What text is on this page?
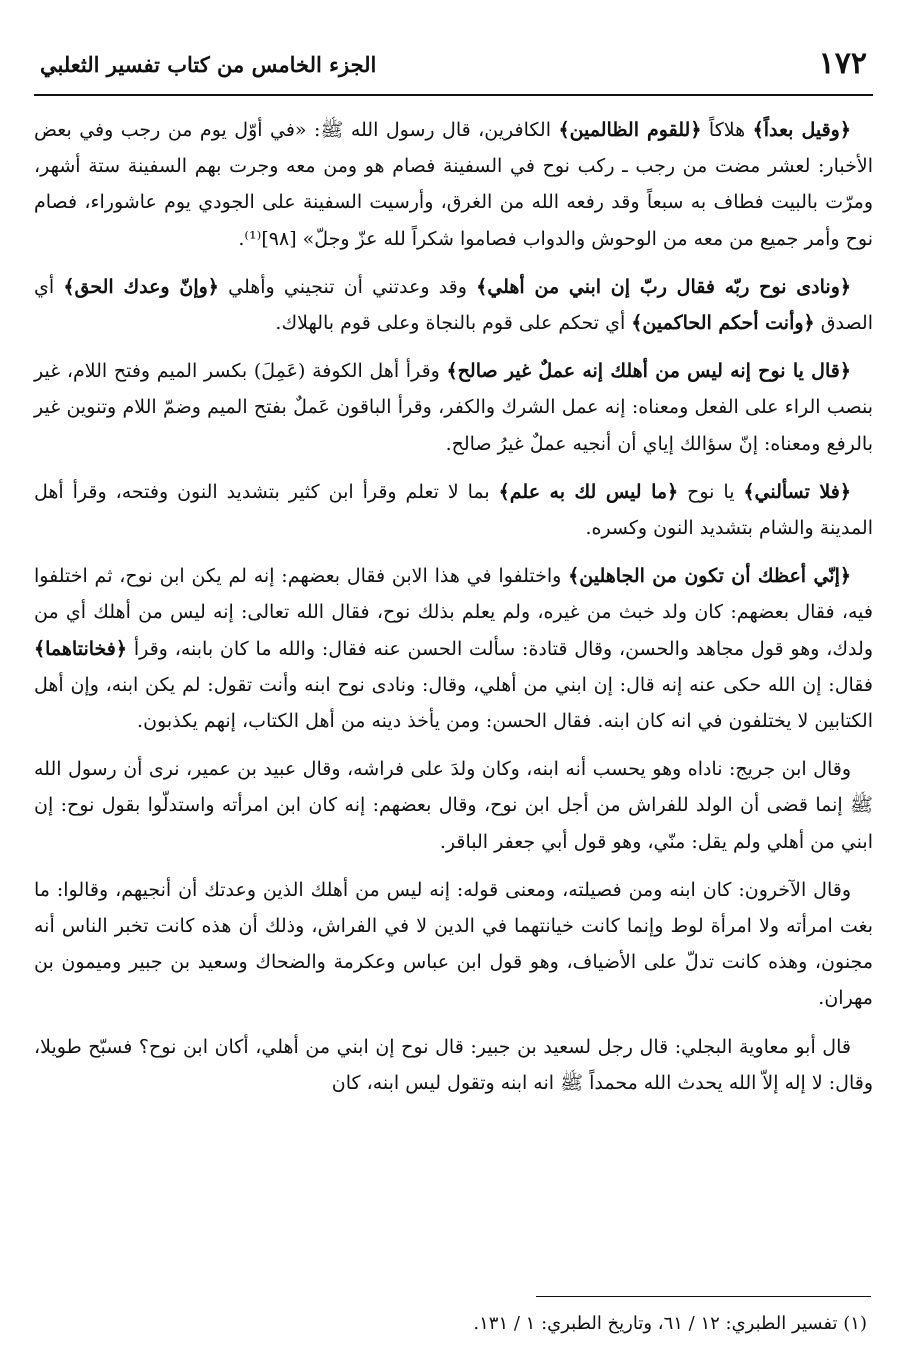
١٧٢
الجزء الخامس من كتاب تفسير الثعلبي

﴿وقيل بعداً﴾ هلاكاً ﴿للقوم الظالمين﴾ الكافرين، قال رسول الله ﷺ: «في أوّل يوم من رجب وفي بعض الأخبار: لعشر مضت من رجب ـ ركب نوح في السفينة فصام هو ومن معه وجرت بهم السفينة ستة أشهر، ومرّت بالبيت فطاف به سبعاً وقد رفعه الله من الغرق، وأرسيت السفينة على الجودي يوم عاشوراء، فصام نوح وأمر جميع من معه من الوحوش والدواب فصاموا شكراً لله عزّ وجلّ» [٩٨]⁽¹⁾.

﴿ونادى نوح ربّه فقال ربّ إن ابني من أهلي﴾ وقد وعدتني أن تنجيني وأهلي ﴿وإنّ وعدك الحق﴾ أي الصدق ﴿وأنت أحكم الحاكمين﴾ أي تحكم على قوم بالنجاة وعلى قوم بالهلاك.

﴿قال يا نوح إنه ليس من أهلك إنه عملٌ غير صالح﴾ وقرأ أهل الكوفة (عَمِلَ) بكسر الميم وفتح اللام، غير بنصب الراء على الفعل ومعناه: إنه عمل الشرك والكفر، وقرأ الباقون عَملٌ بفتح الميم وضمّ اللام وتنوين غير بالرفع ومعناه: إنّ سؤالك إياي أن أنجيه عملٌ غيرُ صالح.

﴿فلا تسألني﴾ يا نوح ﴿ما ليس لك به علم﴾ بما لا تعلم وقرأ ابن كثير بتشديد النون وفتحه، وقرأ أهل المدينة والشام بتشديد النون وكسره.

﴿إنّي أعظك أن تكون من الجاهلين﴾ واختلفوا في هذا الابن فقال بعضهم: إنه لم يكن ابن نوح، ثم اختلفوا فيه، فقال بعضهم: كان ولد خبث من غيره، ولم يعلم بذلك نوح، فقال الله تعالى: إنه ليس من أهلك أي من ولدك، وهو قول مجاهد والحسن، وقال قتادة: سألت الحسن عنه فقال: والله ما كان بابنه، وقرأ ﴿فخانتاهما﴾ فقال: إن الله حكى عنه إنه قال: إن ابني من أهلي، وقال: ونادى نوح ابنه وأنت تقول: لم يكن ابنه، وإن أهل الكتابين لا يختلفون في انه كان ابنه. فقال الحسن: ومن يأخذ دينه من أهل الكتاب، إنهم يكذبون.

وقال ابن جريج: ناداه وهو يحسب أنه ابنه، وكان ولدَ على فراشه، وقال عبيد بن عمير، نرى أن رسول الله ﷺ إنما قضى أن الولد للفراش من أجل ابن نوح، وقال بعضهم: إنه كان ابن امرأته واستدلّوا بقول نوح: إن ابني من أهلي ولم يقل: منّي، وهو قول أبي جعفر الباقر.

وقال الآخرون: كان ابنه ومن فصيلته، ومعنى قوله: إنه ليس من أهلك الذين وعدتك أن أنجيهم، وقالوا: ما بغت امرأته ولا امرأة لوط وإنما كانت خيانتهما في الدين لا في الفراش، وذلك أن هذه كانت تخبر الناس أنه مجنون، وهذه كانت تدلّ على الأضياف، وهو قول ابن عباس وعكرمة والضحاك وسعيد بن جبير وميمون بن مهران.

قال أبو معاوية البجلي: قال رجل لسعيد بن جبير: قال نوح إن ابني من أهلي، أكان ابن نوح؟ فسبّح طويلا، وقال: لا إله إلاّ الله يحدث الله محمداً ﷺ انه ابنه وتقول ليس ابنه، كان

(١) تفسير الطبري: ١٢ / ٦١، وتاريخ الطبري: ١ / ١٣١.
